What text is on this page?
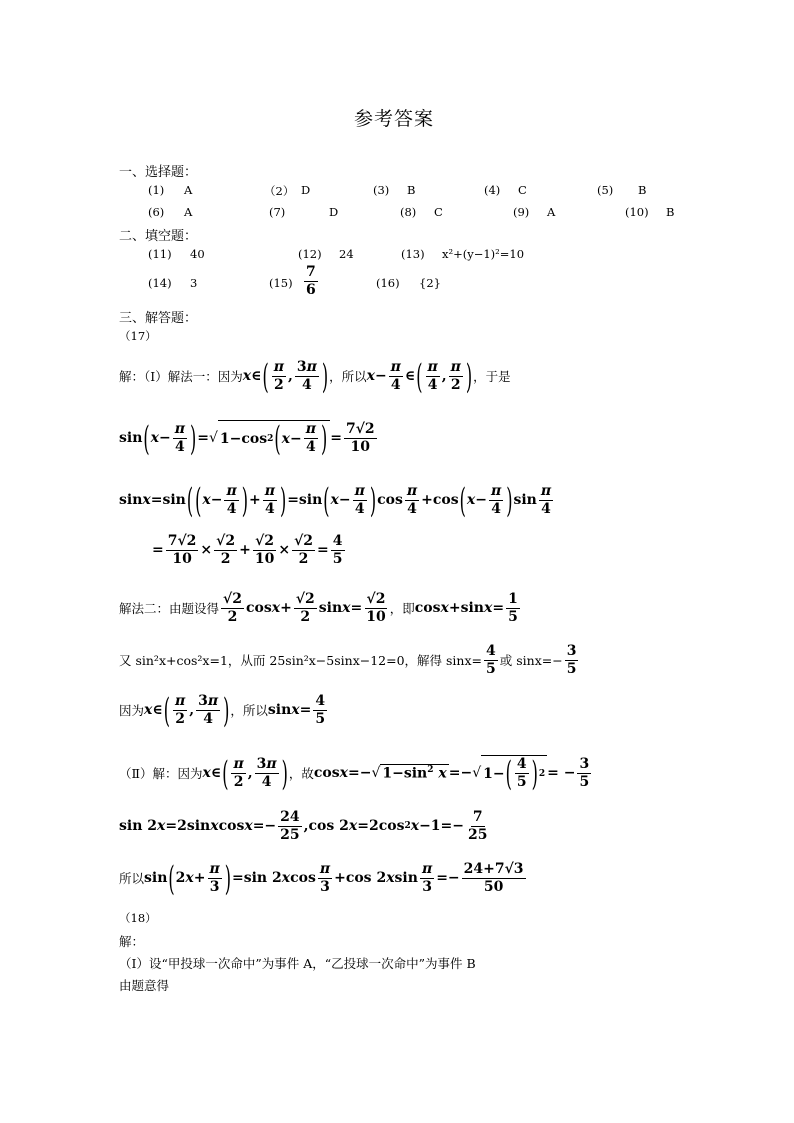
参考答案
一、选择题：
(1) A	（2） D	(3) B	(4) C	(5) B
(6) A	(7)	D	(8) C	(9) A	(10) B
二、填空题：
(11) 40	(12) 24	(13) x²+(y−1)²=10
(14) 3	$(15) \frac{7}{6}$	(16) {2}
三、解答题：
（17）
解：（Ⅰ）解法一：因为 x ∈ ( $\frac{\pi}{2}$ , $\frac{3\pi}{4}$ ) ，所以 $x - \frac{\pi}{4}$ ∈ ( $\frac{\pi}{4}$ , $\frac{\pi}{2}$ ) ，于是
sin ( $x - \frac{\pi}{4}$ ) = √ 1−cos 2 ( $x - \frac{\pi}{4}$ ) = $\frac{7√2}{10}$
sin x =sin ( ( $x - \frac{\pi}{4}$ ) + $\frac{\pi}{4}$ ) =sin ( $x - \frac{\pi}{4}$ ) $\cos \frac{\pi}{4} +\cos$ ( $x - \frac{\pi}{4}$ ) $\sin \frac{\pi}{4}$
= $\frac{7√2}{10} \times \frac{√2}{2} + \frac{√2}{10} \times \frac{√2}{2} = \frac{4}{5}$
解法二：由题设得 $\frac{√2}{2}$ $\cos x + \frac{√2}{2}$ $\sin x = \frac{√2}{10}$ ，即 cos x +sin $x = \frac{1}{5}$
又 sin²x+cos²x=1，从而 25sin²x−5sinx−12=0，解得 $\sin x= \frac{4}{5}$ 或 $\sin x=- \frac{3}{5}$
因为 x ∈ ( $\frac{\pi}{2}$ , $\frac{3\pi}{4}$ ) ，所以 $\sin x = \frac{4}{5}$
（Ⅱ）解：因为 x ∈ ( $\frac{\pi}{2}$ , $\frac{3\pi}{4}$ ) ，故 cos x =− √ $1-\sin^2$ x =− √ 1− ( $\frac{4}{5}$ ) 2 = − $\frac{3}{5}$
sin 2 x =2sin x $\cos x =- \frac{24}{25} ,\cos$ 2 x =2cos 2 $x -1=- \frac{7}{25}$
所以 sin ( 2 $x + \frac{\pi}{3}$ ) =sin 2 x $\cos \frac{\pi}{3} +\cos$ 2 x $\sin \frac{\pi}{3} =- \frac{24+7√3}{50}$
（18）
解：
（Ⅰ）设“甲投球一次命中”为事件 A，“乙投球一次命中”为事件 B
由题意得
